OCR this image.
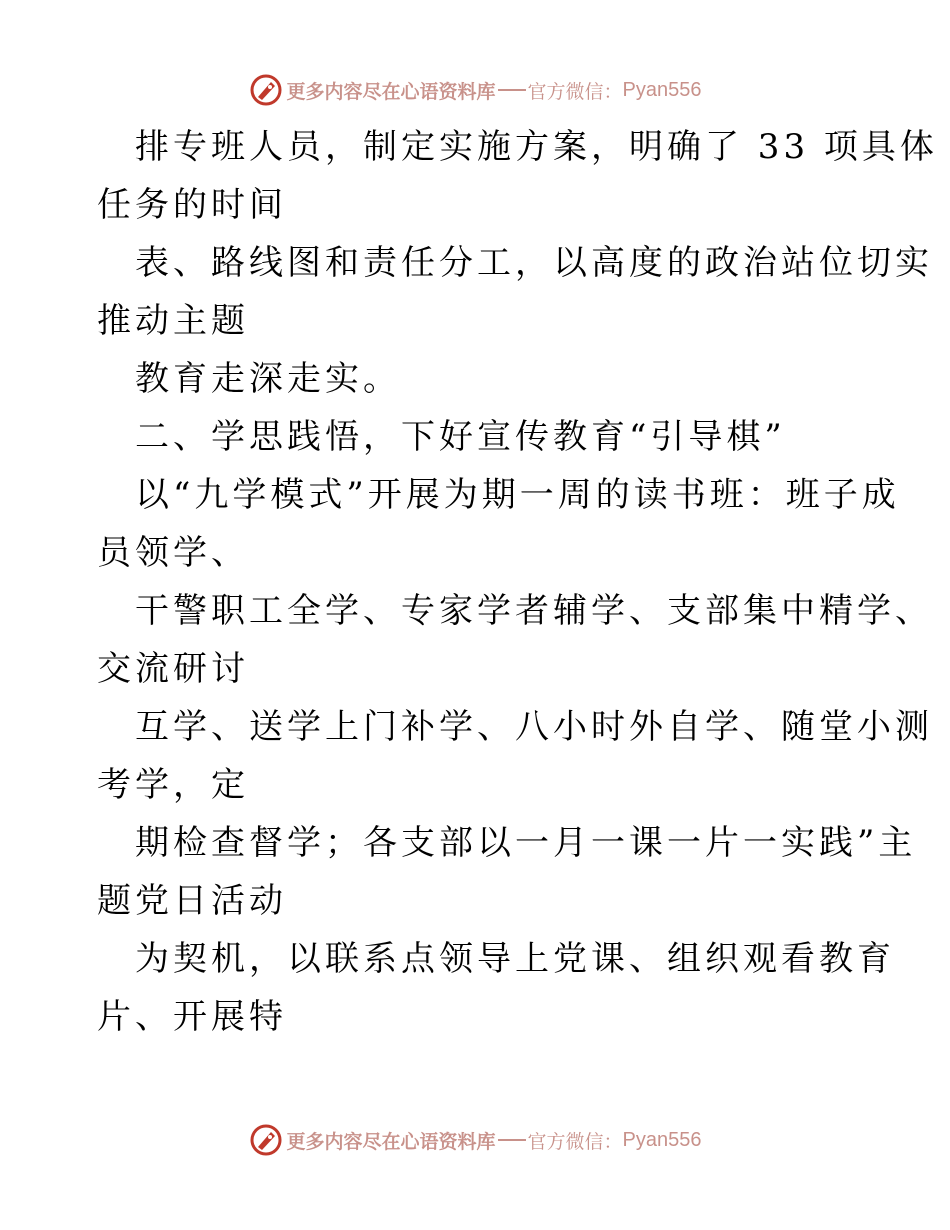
更多内容尽在心语资料库 官方微信： Pyan556
排专班人员，制定实施方案，明确了 33 项具体
任务的时间
表、路线图和责任分工，以高度的政治站位切实
推动主题
教育走深走实。
二、学思践悟，下好宣传教育“引导棋”
以“九学模式”开展为期一周的读书班：班子成
员领学、
干警职工全学、专家学者辅学、支部集中精学、
交流研讨
互学、送学上门补学、八小时外自学、随堂小测
考学，定
期检查督学；各支部以一月一课一片一实践”主
题党日活动
为契机，以联系点领导上党课、组织观看教育
片、开展特
更多内容尽在心语资料库 官方微信： Pyan556
